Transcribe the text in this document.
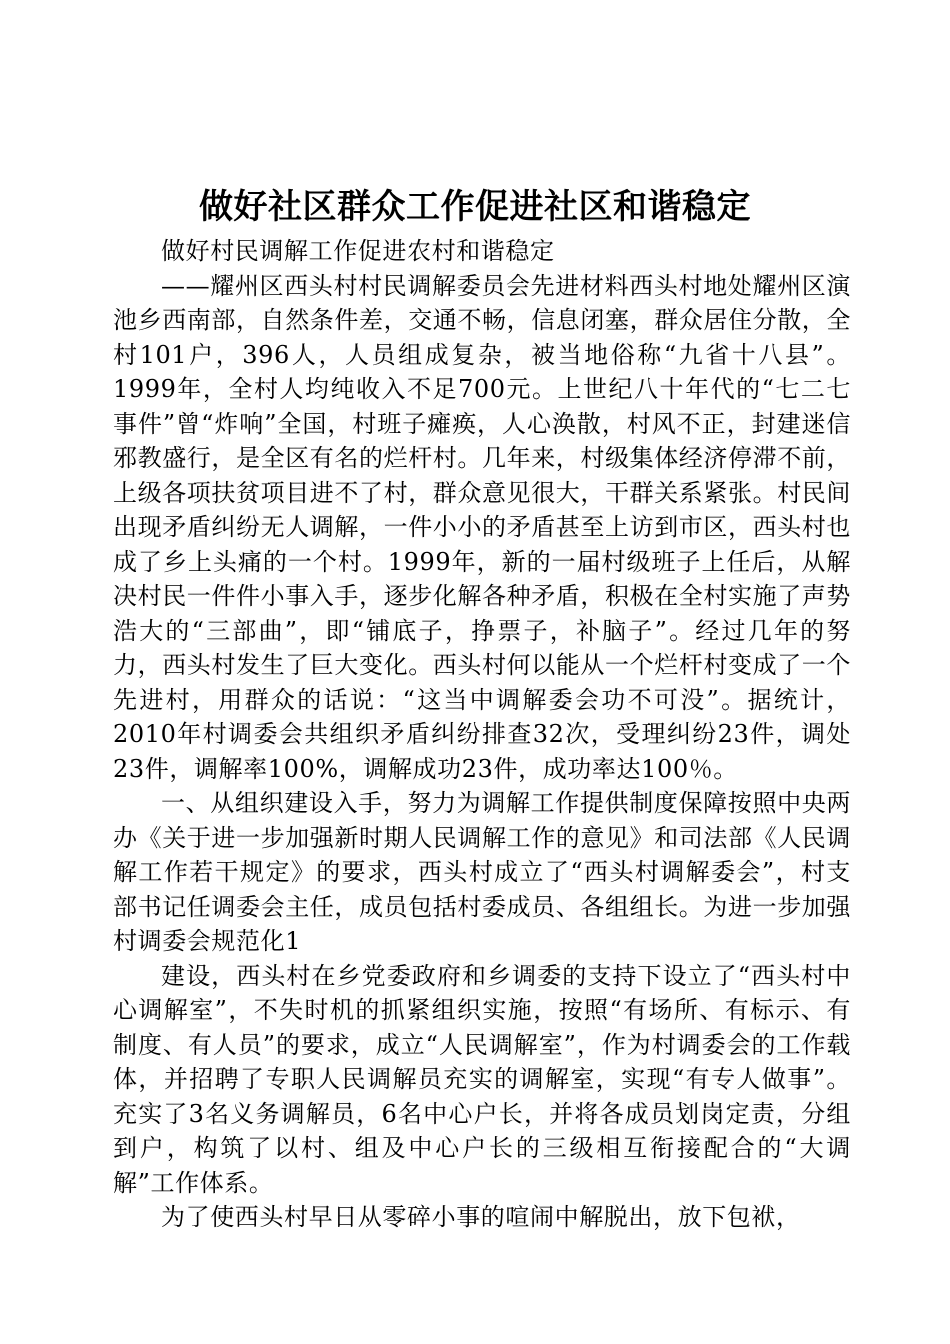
做好社区群众工作促进社区和谐稳定

做好村民调解工作促进农村和谐稳定

——耀州区西头村村民调解委员会先进材料西头村地处耀州区演池乡西南部，自然条件差，交通不畅，信息闭塞，群众居住分散，全村101户，396人，人员组成复杂，被当地俗称“九省十八县”。1999年，全村人均纯收入不足700元。上世纪八十年代的“七二七事件”曾“炸响”全国，村班子瘫痪，人心涣散，村风不正，封建迷信邪教盛行，是全区有名的烂杆村。几年来，村级集体经济停滞不前，上级各项扶贫项目进不了村，群众意见很大，干群关系紧张。村民间出现矛盾纠纷无人调解，一件小小的矛盾甚至上访到市区，西头村也成了乡上头痛的一个村。1999年，新的一届村级班子上任后，从解决村民一件件小事入手，逐步化解各种矛盾，积极在全村实施了声势浩大的“三部曲”，即“铺底子，挣票子，补脑子”。经过几年的努力，西头村发生了巨大变化。西头村何以能从一个烂杆村变成了一个先进村，用群众的话说：“这当中调解委会功不可没”。据统计，2010年村调委会共组织矛盾纠纷排查32次，受理纠纷23件，调处23件，调解率100%，调解成功23件，成功率达100％。

一、从组织建设入手，努力为调解工作提供制度保障按照中央两办《关于进一步加强新时期人民调解工作的意见》和司法部《人民调解工作若干规定》的要求，西头村成立了“西头村调解委会”，村支部书记任调委会主任，成员包括村委成员、各组组长。为进一步加强村调委会规范化1

建设，西头村在乡党委政府和乡调委的支持下设立了“西头村中心调解室”，不失时机的抓紧组织实施，按照“有场所、有标示、有制度、有人员”的要求，成立“人民调解室”，作为村调委会的工作载体，并招聘了专职人民调解员充实的调解室，实现“有专人做事”。充实了3名义务调解员，6名中心户长，并将各成员划岗定责，分组到户，构筑了以村、组及中心户长的三级相互衔接配合的“大调解”工作体系。

为了使西头村早日从零碎小事的喧闹中解脱出，放下包袱，
